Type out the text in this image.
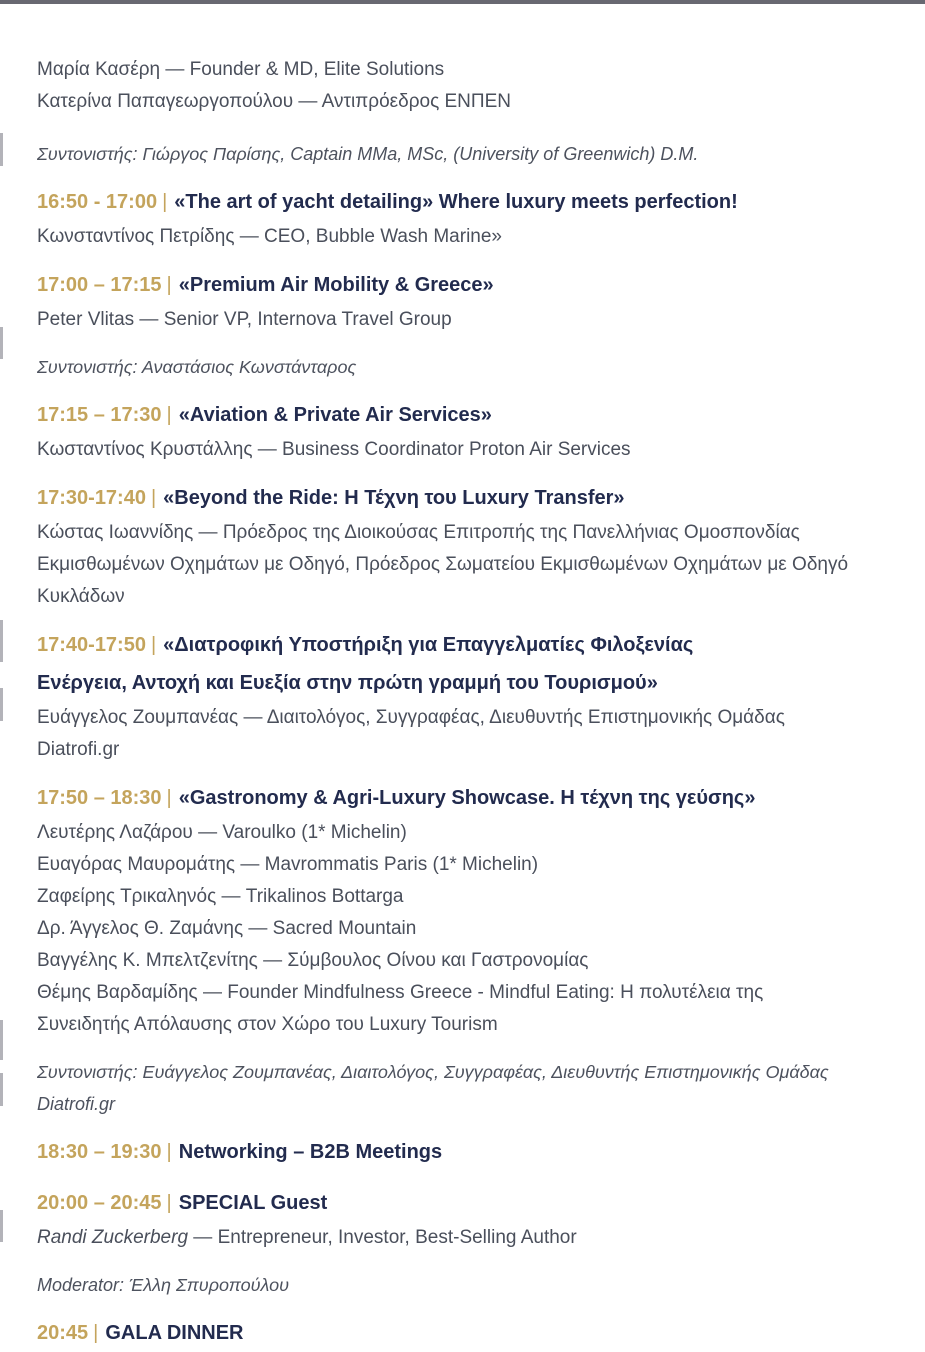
Μαρία Κασέρη — Founder & MD, Elite Solutions

Κατερίνα Παπαγεωργοπούλου — Αντιπρόεδρος ΕΝΠΕΝ

Συντονιστής: Γιώργος Παρίσης, Captain MMa, MSc, (University of Greenwich) D.M.

16:50 - 17:00 | «The art of yacht detailing» Where luxury meets perfection!

Κωνσταντίνος Πετρίδης — CEO, Bubble Wash Marine»

17:00 – 17:15 | «Premium Air Mobility & Greece»

Peter Vlitas — Senior VP, Internova Travel Group

Συντονιστής: Αναστάσιος Κωνστάνταρος

17:15 – 17:30 | «Aviation & Private Air Services»

Κωσταντίνος Κρυστάλλης — Business Coordinator Proton Air Services

17:30-17:40 | «Beyond the Ride: Η Τέχνη του Luxury Transfer»

Κώστας Ιωαννίδης — Πρόεδρος της Διοικούσας Επιτροπής της Πανελλήνιας Ομοσπονδίας Εκμισθωμένων Οχημάτων με Οδηγό, Πρόεδρος Σωματείου Εκμισθωμένων Οχημάτων με Οδηγό Κυκλάδων

17:40-17:50 | «Διατροφική Υποστήριξη για Επαγγελματίες Φιλοξενίας
Ενέργεια, Αντοχή και Ευεξία στην πρώτη γραμμή του Τουρισμού»

Ευάγγελος Ζουμπανέας — Διαιτολόγος, Συγγραφέας, Διευθυντής Επιστημονικής Ομάδας Diatrofi.gr

17:50 – 18:30 | «Gastronomy & Agri-Luxury Showcase. Η τέχνη της γεύσης»

Λευτέρης Λαζάρου — Varoulko (1* Michelin)

Ευαγόρας Μαυρομάτης — Mavrommatis Paris (1* Michelin)

Ζαφείρης Τρικαληνός — Trikalinos Bottarga

Δρ. Άγγελος Θ. Ζαμάνης — Sacred Mountain

Βαγγέλης Κ. Μπελτζενίτης — Σύμβουλος Οίνου και Γαστρονομίας

Θέμης Βαρδαμίδης — Founder Mindfulness Greece - Mindful Eating: Η πολυτέλεια της Συνειδητής Απόλαυσης στον Χώρο του Luxury Tourism

Συντονιστής: Ευάγγελος Ζουμπανέας, Διαιτολόγος, Συγγραφέας, Διευθυντής Επιστημονικής Ομάδας Diatrofi.gr

18:30 – 19:30 | Networking – B2B Meetings

20:00 – 20:45 | SPECIAL Guest

Randi Zuckerberg — Entrepreneur, Investor, Best-Selling Author

Moderator: Έλλη Σπυροπούλου

20:45 | GALA DINNER
